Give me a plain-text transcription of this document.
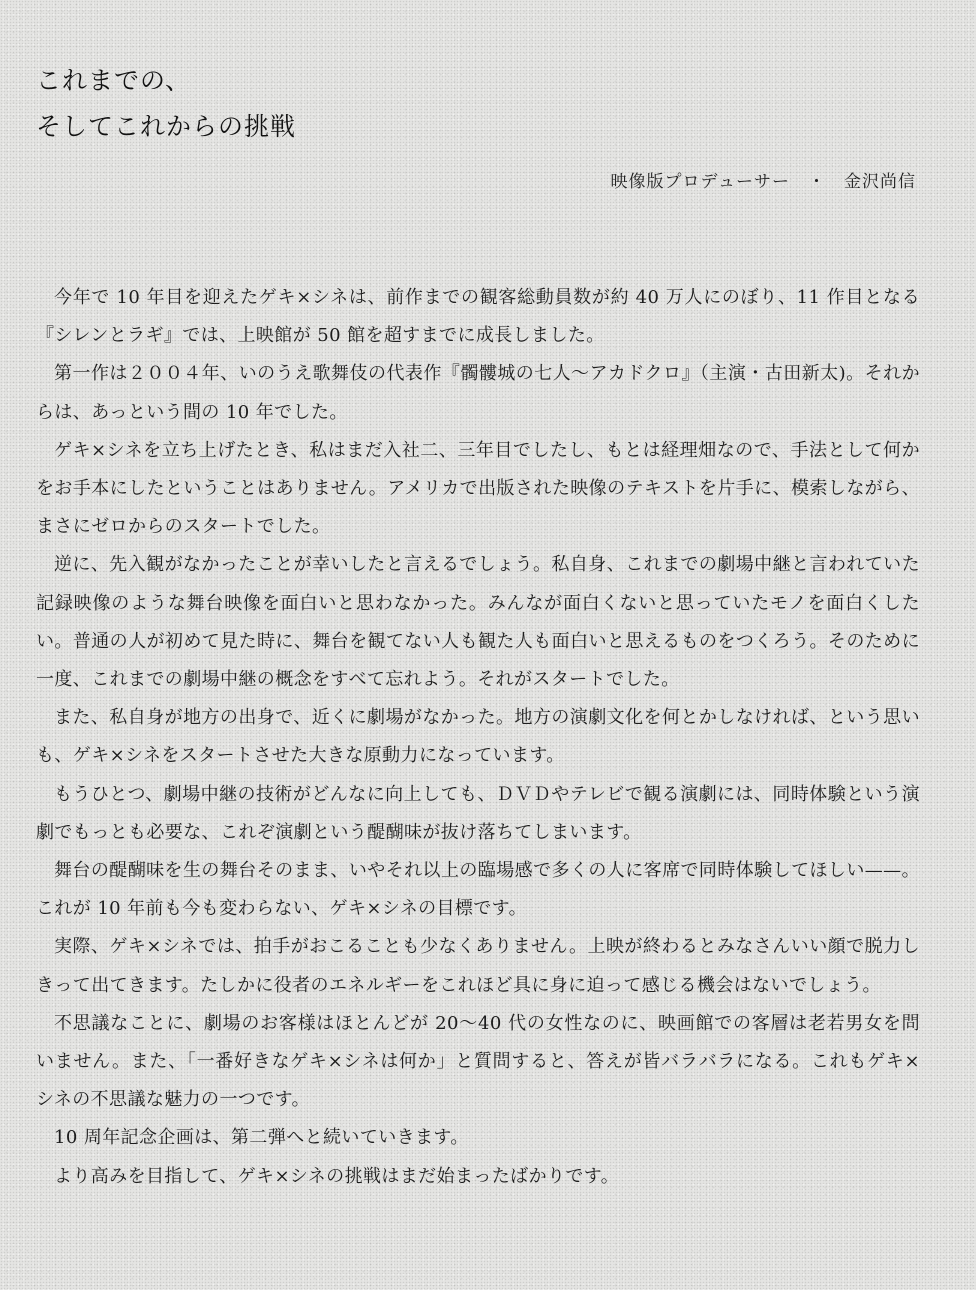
これまでの、
そしてこれからの挑戦
映像版プロデューサー　・　金沢尚信

今年で 10 年目を迎えたゲキ×シネは、前作までの観客総動員数が約 40 万人にのぼり、11 作目となる『シレンとラギ』では、上映館が 50 館を超すまでに成長しました。

第一作は２００４年、いのうえ歌舞伎の代表作『髑髏城の七人〜アカドクロ』（主演・古田新太)。それからは、あっという間の 10 年でした。

ゲキ×シネを立ち上げたとき、私はまだ入社二、三年目でしたし、もとは経理畑なので、手法として何かをお手本にしたということはありません。アメリカで出版された映像のテキストを片手に、模索しながら、まさにゼロからのスタートでした。

逆に、先入観がなかったことが幸いしたと言えるでしょう。私自身、これまでの劇場中継と言われていた記録映像のような舞台映像を面白いと思わなかった。みんなが面白くないと思っていたモノを面白くしたい。普通の人が初めて見た時に、舞台を観てない人も観た人も面白いと思えるものをつくろう。そのために一度、これまでの劇場中継の概念をすべて忘れよう。それがスタートでした。

また、私自身が地方の出身で、近くに劇場がなかった。地方の演劇文化を何とかしなければ、という思いも、ゲキ×シネをスタートさせた大きな原動力になっています。

もうひとつ、劇場中継の技術がどんなに向上しても、ＤＶＤやテレビで観る演劇には、同時体験という演劇でもっとも必要な、これぞ演劇という醍醐味が抜け落ちてしまいます。

舞台の醍醐味を生の舞台そのまま、いやそれ以上の臨場感で多くの人に客席で同時体験してほしい——。これが 10 年前も今も変わらない、ゲキ×シネの目標です。

実際、ゲキ×シネでは、拍手がおこることも少なくありません。上映が終わるとみなさんいい顔で脱力しきって出てきます。たしかに役者のエネルギーをこれほど具に身に迫って感じる機会はないでしょう。

不思議なことに、劇場のお客様はほとんどが 20〜40 代の女性なのに、映画館での客層は老若男女を問いません。また、「一番好きなゲキ×シネは何か」と質問すると、答えが皆バラバラになる。これもゲキ×シネの不思議な魅力の一つです。

10 周年記念企画は、第二弾へと続いていきます。

より高みを目指して、ゲキ×シネの挑戦はまだ始まったばかりです。
